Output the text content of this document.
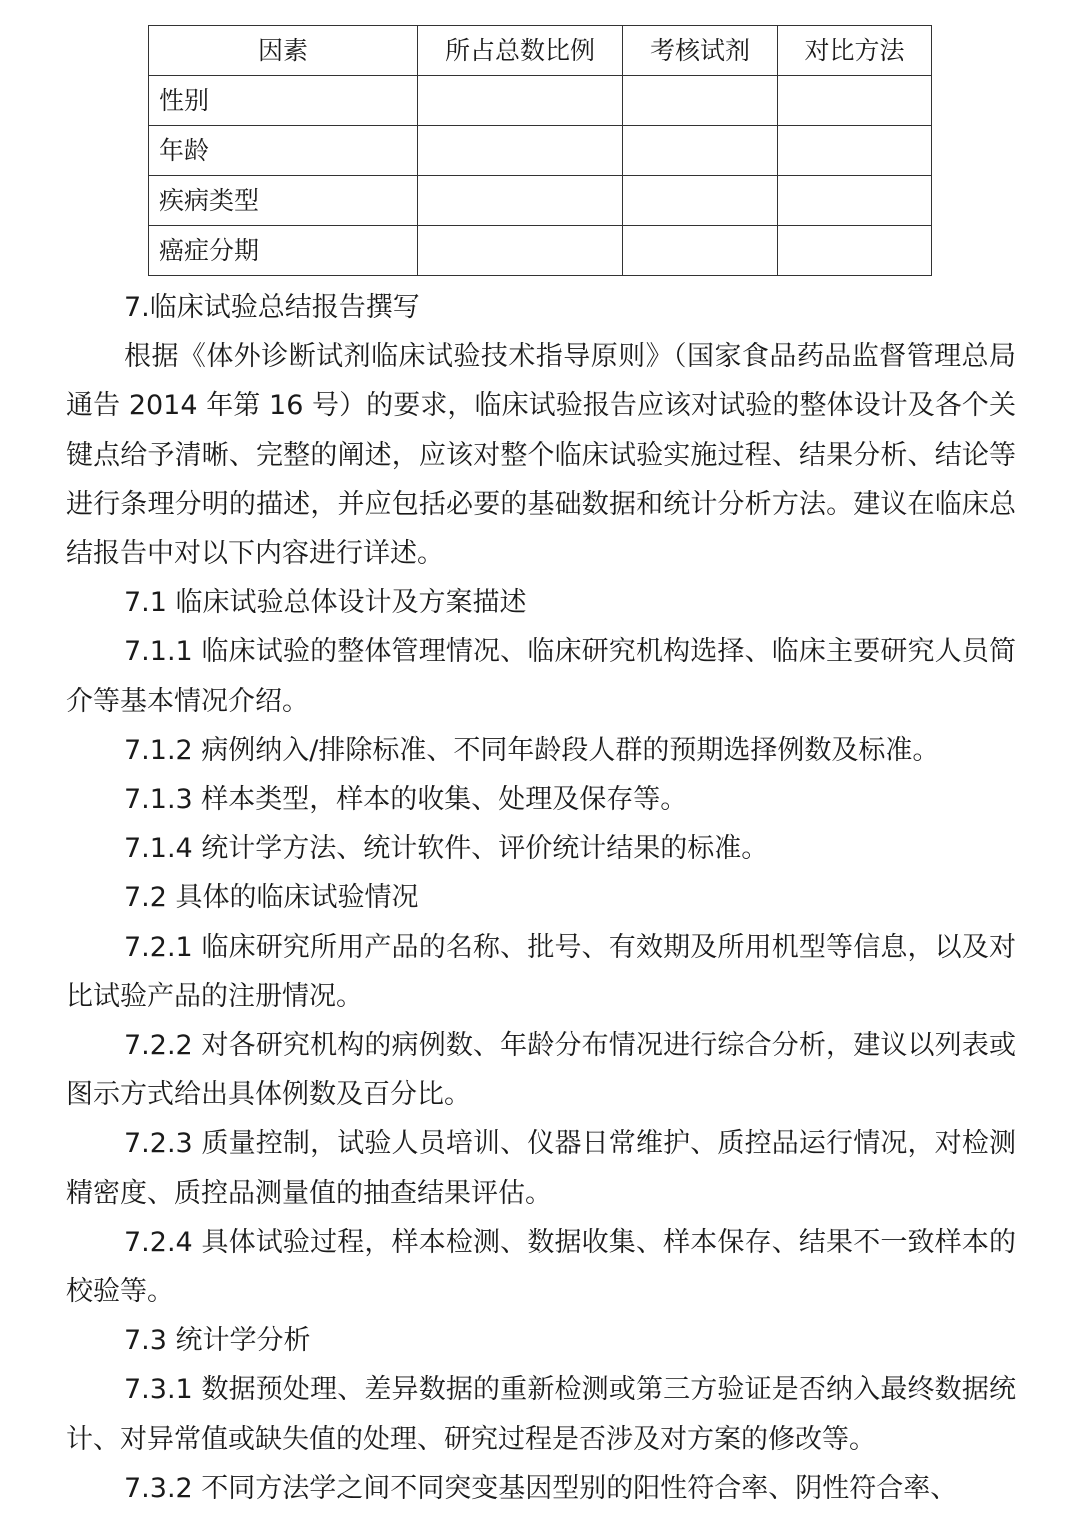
因素	所占总数比例	考核试剂	对比方法
性别			
年龄			
疾病类型			
癌症分期			

7.临床试验总结报告撰写

根据《体外诊断试剂临床试验技术指导原则》（国家食品药品监督管理总局通告 2014 年第 16 号）的要求，临床试验报告应该对试验的整体设计及各个关键点给予清晰、完整的阐述，应该对整个临床试验实施过程、结果分析、结论等进行条理分明的描述，并应包括必要的基础数据和统计分析方法。建议在临床总结报告中对以下内容进行详述。

7.1 临床试验总体设计及方案描述

7.1.1 临床试验的整体管理情况、临床研究机构选择、临床主要研究人员简介等基本情况介绍。

7.1.2 病例纳入/排除标准、不同年龄段人群的预期选择例数及标准。

7.1.3 样本类型，样本的收集、处理及保存等。

7.1.4 统计学方法、统计软件、评价统计结果的标准。

7.2 具体的临床试验情况

7.2.1 临床研究所用产品的名称、批号、有效期及所用机型等信息，以及对比试验产品的注册情况。

7.2.2 对各研究机构的病例数、年龄分布情况进行综合分析，建议以列表或图示方式给出具体例数及百分比。

7.2.3 质量控制，试验人员培训、仪器日常维护、质控品运行情况，对检测精密度、质控品测量值的抽查结果评估。

7.2.4 具体试验过程，样本检测、数据收集、样本保存、结果不一致样本的校验等。

7.3 统计学分析

7.3.1 数据预处理、差异数据的重新检测或第三方验证是否纳入最终数据统计、对异常值或缺失值的处理、研究过程是否涉及对方案的修改等。

7.3.2 不同方法学之间不同突变基因型别的阳性符合率、阴性符合率、
